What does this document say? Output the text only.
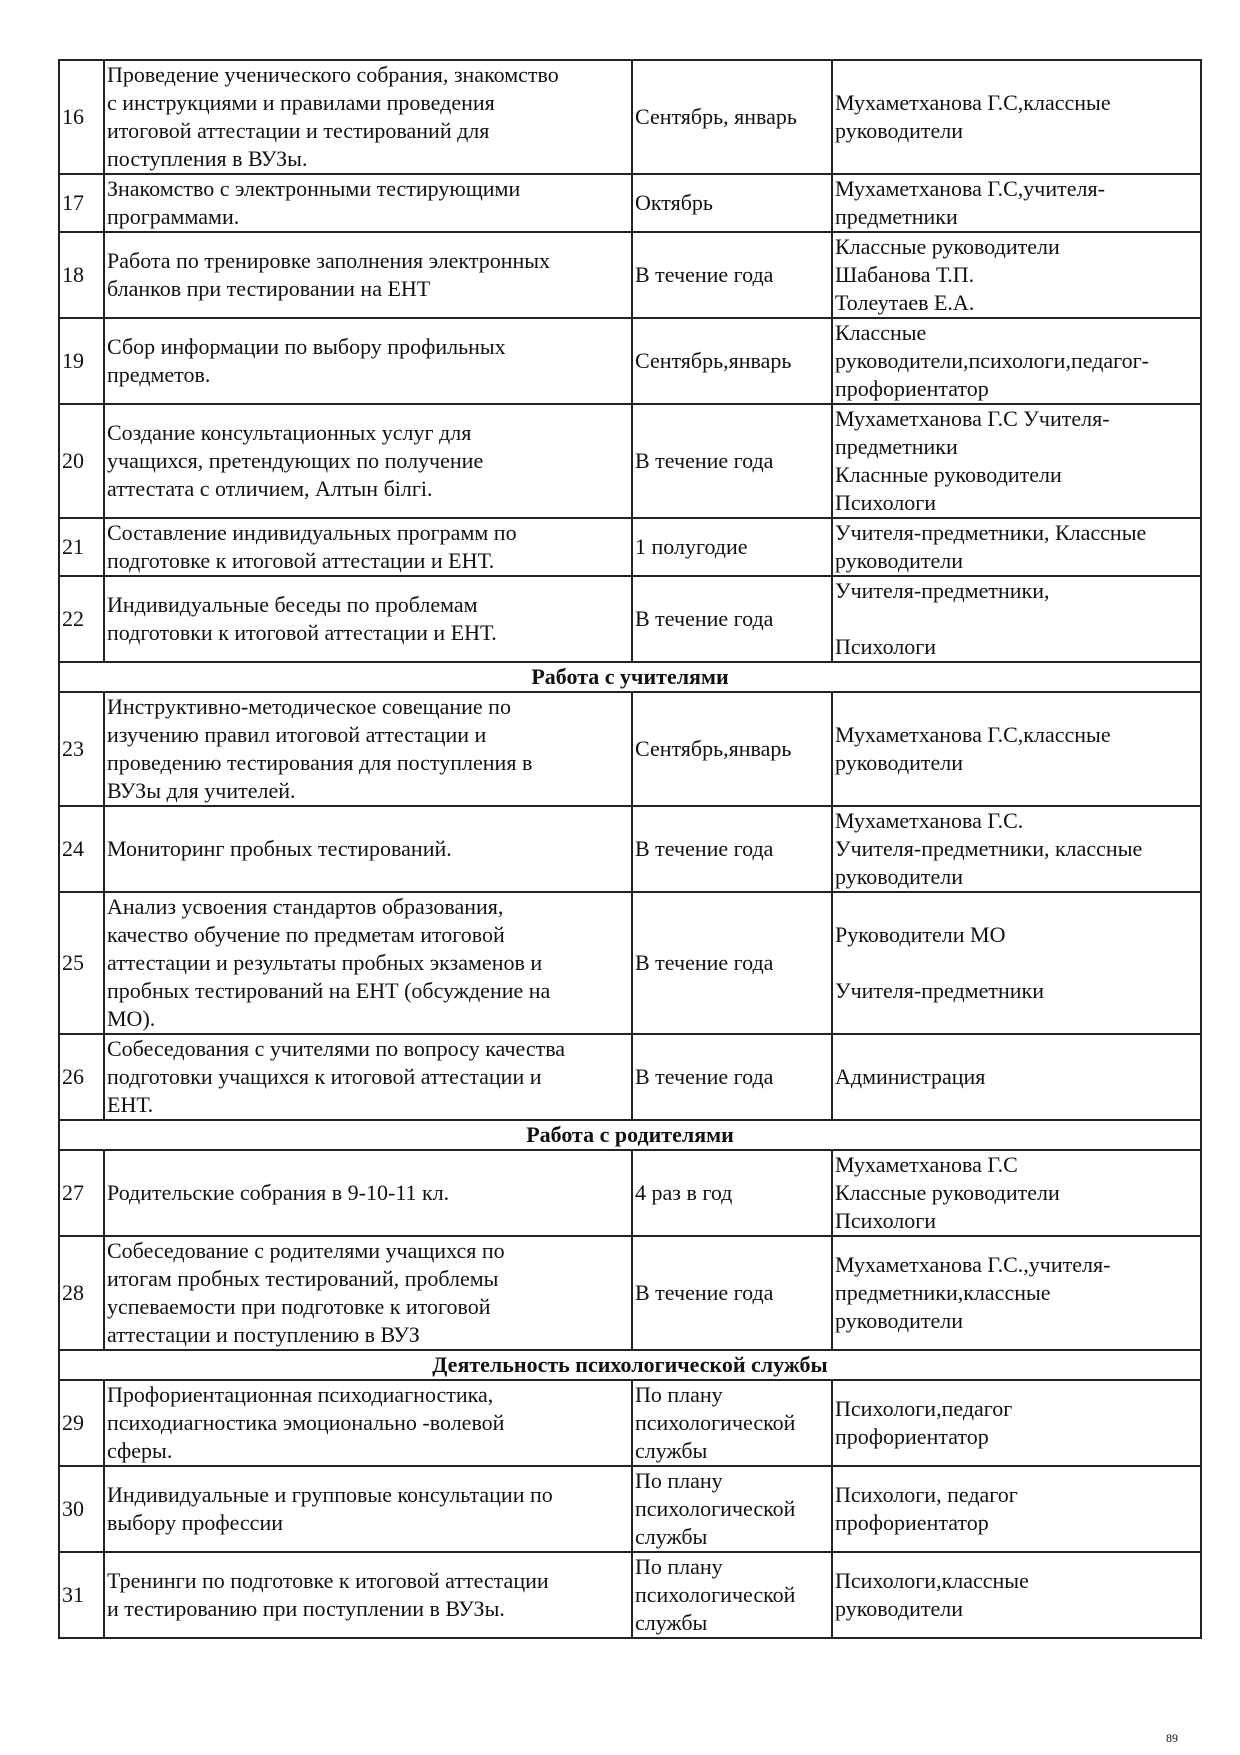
16	Проведение ученического собрания, знакомство
с инструкциями и правилами проведения
итоговой аттестации и тестирований для
поступления в ВУЗы.	Сентябрь, январь	Мухаметханова Г.С,классные
руководители

17	Знакомство с электронными тестирующими
программами.	Октябрь	Мухаметханова Г.С,учителя-
предметники

18	Работа по тренировке заполнения электронных
бланков при тестировании на ЕНТ	В течение года	Классные руководители
Шабанова Т.П.
Толеутаев Е.А.

19	Сбор информации по выбору профильных
предметов.	Сентябрь,январь	Классные
руководители,психологи,педагог-
профориентатор

20	Создание консультационных услуг для
учащихся, претендующих по получение
аттестата с отличием, Алтын білгі.	В течение года	Мухаметханова Г.С Учителя-
предметники
Класнные руководители
Психологи

21	Составление индивидуальных программ по
подготовке к итоговой аттестации и ЕНТ.	1 полугодие	Учителя-предметники, Классные
руководители

22	Индивидуальные беседы по проблемам
подготовки к итоговой аттестации и ЕНТ.	В течение года	Учителя-предметники,
Психологи

Работа с учителями			
23	Инструктивно-методическое совещание по
изучению правил итоговой аттестации и
проведению тестирования для поступления в
ВУЗы для учителей.	Сентябрь,январь	Мухаметханова Г.С,классные
руководители

24	Мониторинг пробных тестирований.	В течение года	Мухаметханова Г.С.
Учителя-предметники, классные
руководители

25	Анализ усвоения стандартов образования,
качество обучение по предметам итоговой
аттестации и результаты пробных экзаменов и
пробных тестирований на ЕНТ (обсуждение на
МО).	В течение года	Руководители МО
Учителя-предметники

26	Собеседования с учителями по вопросу качества
подготовки учащихся к итоговой аттестации и
ЕНТ.	В течение года	Администрация

Работа с родителями			
27	Родительские собрания в 9-10-11 кл.	4 раз в год	Мухаметханова Г.С
Классные руководители
Психологи

28	Собеседование с родителями учащихся по
итогам пробных тестирований, проблемы
успеваемости при подготовке к итоговой
аттестации и поступлению в ВУЗ	В течение года	Мухаметханова Г.С.,учителя-
предметники,классные
руководители

Деятельность психологической службы			
29	Профориентационная психодиагностика,
психодиагностика эмоционально -волевой
сферы.	По плану
психологической
службы	Психологи,педагог
профориентатор

30	Индивидуальные и групповые консультации по
выбору профессии	По плану
психологической
службы	Психологи, педагог
профориентатор

31	Тренинги по подготовке к итоговой аттестации
и тестированию при поступлении в ВУЗы.	По плану
психологической
службы	Психологи,классные
руководители
89
